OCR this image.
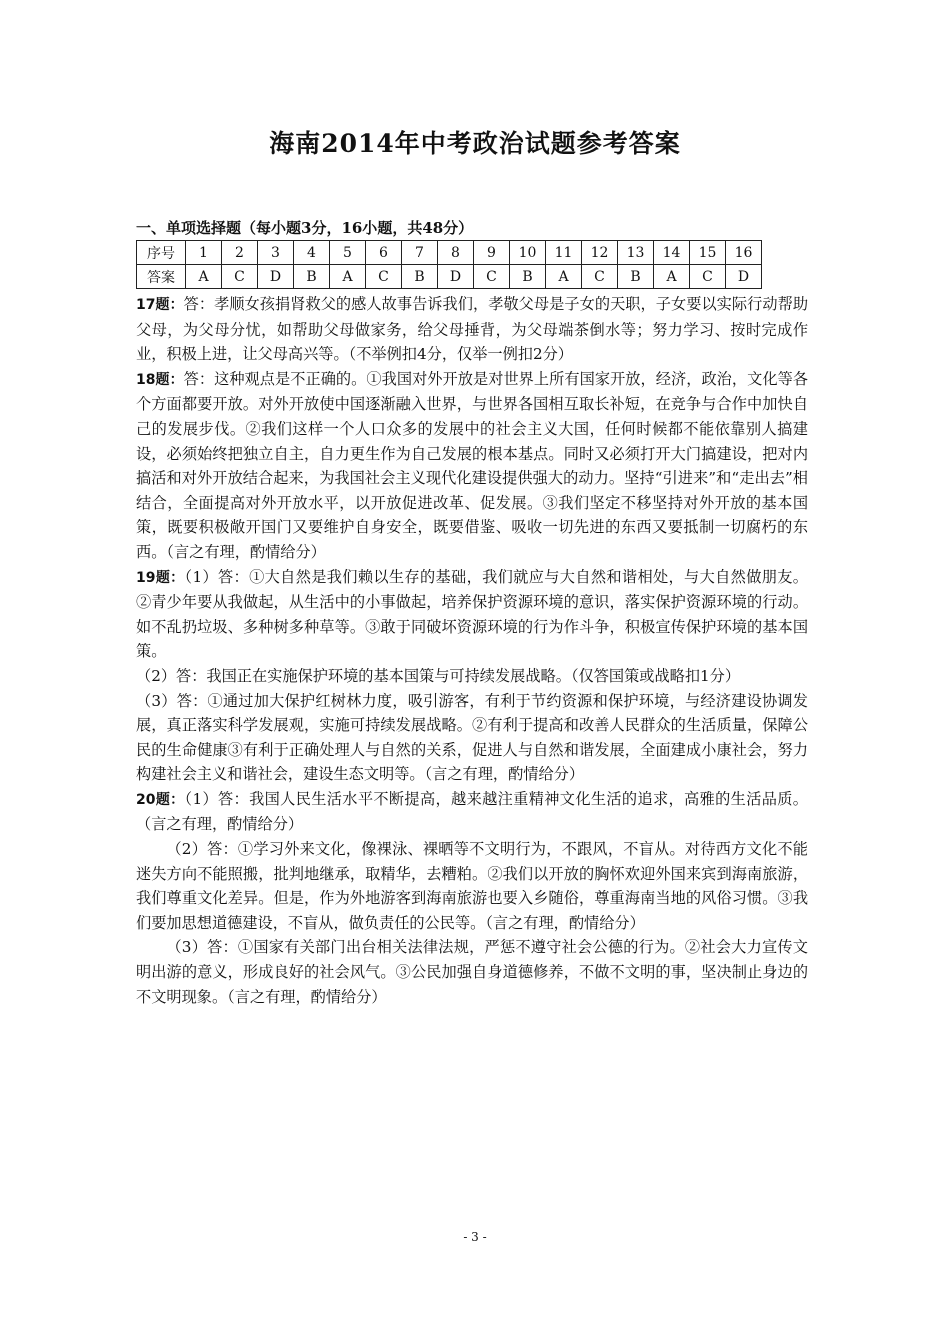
海南2014年中考政治试题参考答案
一、单项选择题（每小题3分，16小题，共48分）
序号	1	2	3	4	5	6	7	8	9	10	11	12	13	14	15	16
答案	A	C	D	B	A	C	B	D	C	B	A	C	B	A	C	D

17题：答：孝顺女孩捐肾救父的感人故事告诉我们，孝敬父母是子女的天职，子女要以实际行动帮助父母，为父母分忧，如帮助父母做家务，给父母捶背，为父母端茶倒水等；努力学习、按时完成作业，积极上进，让父母高兴等。（不举例扣4分，仅举一例扣2分）

18题：答：这种观点是不正确的。①我国对外开放是对世界上所有国家开放，经济，政治，文化等各个方面都要开放。对外开放使中国逐渐融入世界，与世界各国相互取长补短，在竞争与合作中加快自己的发展步伐。②我们这样一个人口众多的发展中的社会主义大国，任何时候都不能依靠别人搞建设，必须始终把独立自主，自力更生作为自己发展的根本基点。同时又必须打开大门搞建设，把对内搞活和对外开放结合起来，为我国社会主义现代化建设提供强大的动力。坚持“引进来”和“走出去”相结合，全面提高对外开放水平，以开放促进改革、促发展。③我们坚定不移坚持对外开放的基本国策，既要积极敞开国门又要维护自身安全，既要借鉴、吸收一切先进的东西又要抵制一切腐朽的东西。（言之有理，酌情给分）

19题：（1）答：①大自然是我们赖以生存的基础，我们就应与大自然和谐相处，与大自然做朋友。②青少年要从我做起，从生活中的小事做起，培养保护资源环境的意识，落实保护资源环境的行动。如不乱扔垃圾、多种树多种草等。③敢于同破坏资源环境的行为作斗争，积极宣传保护环境的基本国策。

（2）答：我国正在实施保护环境的基本国策与可持续发展战略。（仅答国策或战略扣1分）

（3）答：①通过加大保护红树林力度，吸引游客，有利于节约资源和保护环境，与经济建设协调发展，真正落实科学发展观，实施可持续发展战略。②有利于提高和改善人民群众的生活质量，保障公民的生命健康③有利于正确处理人与自然的关系，促进人与自然和谐发展，全面建成小康社会，努力构建社会主义和谐社会，建设生态文明等。（言之有理，酌情给分）

20题：（1）答：我国人民生活水平不断提高，越来越注重精神文化生活的追求，高雅的生活品质。（言之有理，酌情给分）

（2）答：①学习外来文化，像裸泳、裸晒等不文明行为，不跟风，不盲从。对待西方文化不能迷失方向不能照搬，批判地继承，取精华，去糟粕。②我们以开放的胸怀欢迎外国来宾到海南旅游，我们尊重文化差异。但是，作为外地游客到海南旅游也要入乡随俗，尊重海南当地的风俗习惯。③我们要加思想道德建设，不盲从，做负责任的公民等。（言之有理，酌情给分）

（3）答：①国家有关部门出台相关法律法规，严惩不遵守社会公德的行为。②社会大力宣传文明出游的意义，形成良好的社会风气。③公民加强自身道德修养，不做不文明的事，坚决制止身边的不文明现象。（言之有理，酌情给分）

- 3 -
